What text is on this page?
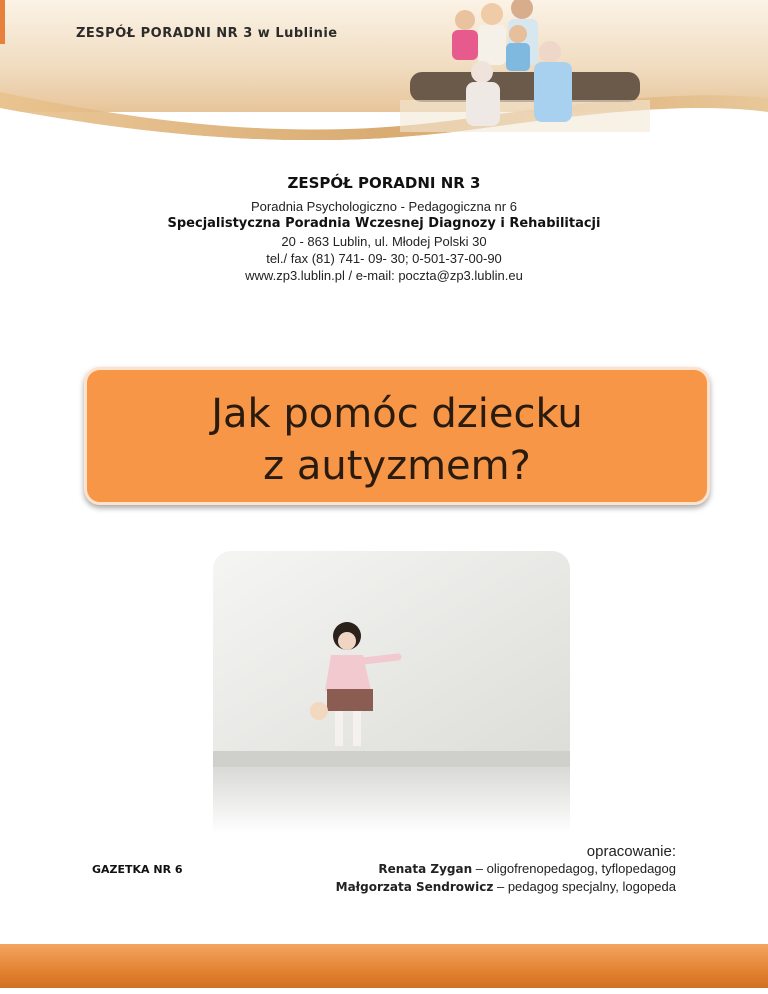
ZESPÓŁ PORADNI NR 3 w Lublinie
ZESPÓŁ PORADNI NR 3
Poradnia Psychologiczno - Pedagogiczna nr 6
Specjalistyczna Poradnia Wczesnej Diagnozy i Rehabilitacji
20 - 863 Lublin, ul. Młodej Polski 30
tel./ fax (81) 741- 09- 30; 0-501-37-00-90
www.zp3.lublin.pl / e-mail: poczta@zp3.lublin.eu
Jak pomóc dziecku
z autyzmem?
GAZETKA NR 6
opracowanie:
Renata Zygan – oligofrenopedagog, tyflopedagog
Małgorzata Sendrowicz – pedagog specjalny, logopeda
